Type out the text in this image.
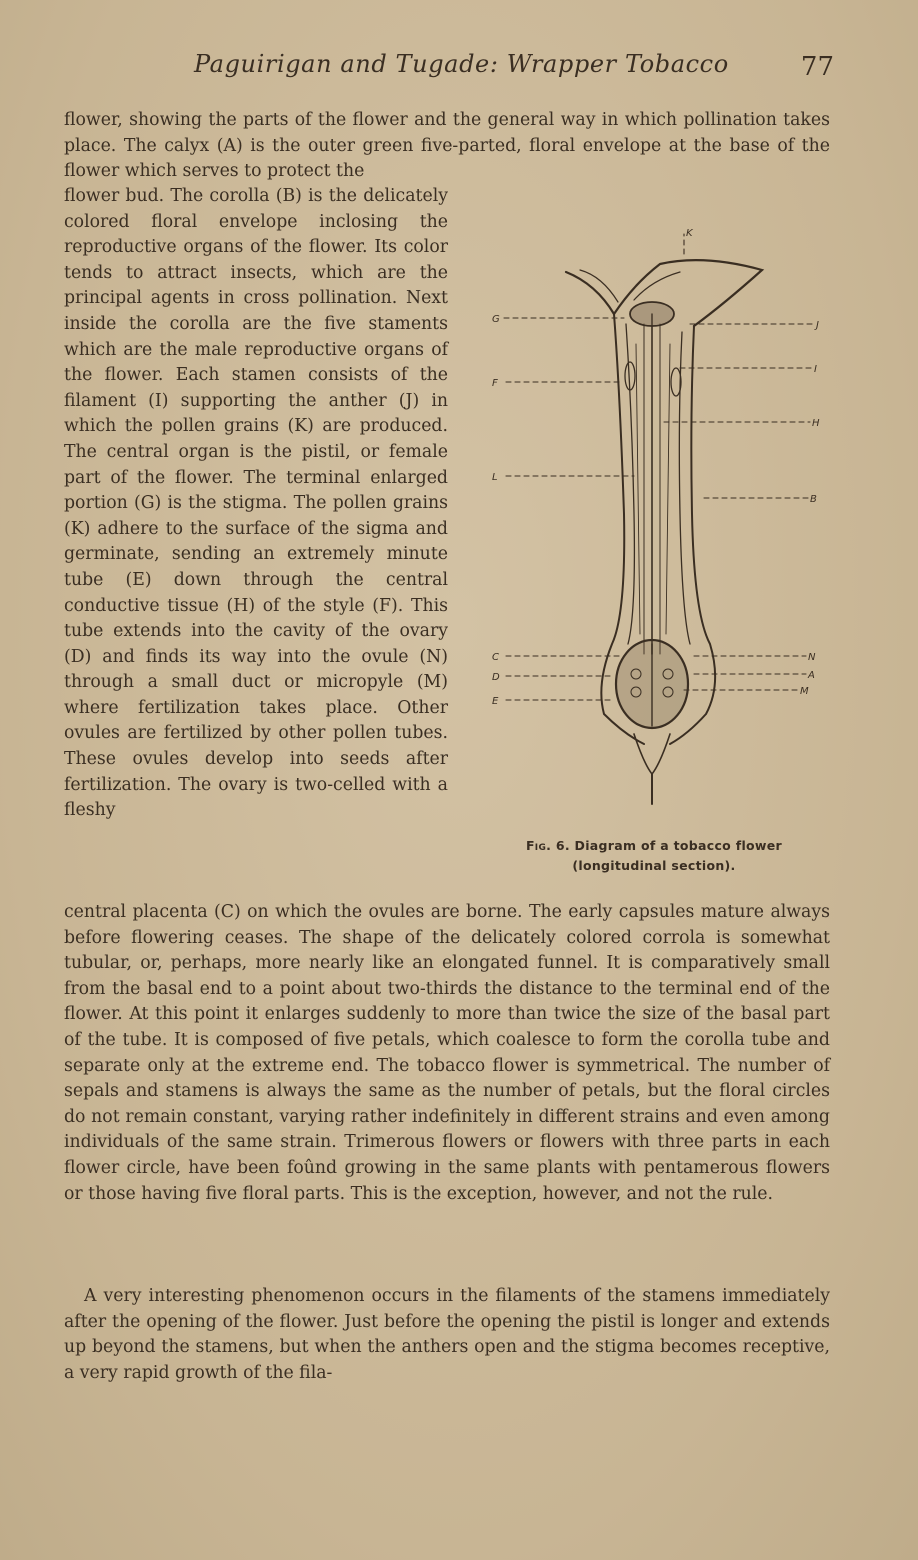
Paguirigan and Tugade: Wrapper Tobacco	77
flower, showing the parts of the flower and the general way in which pollination takes place. The calyx (A) is the outer green five-parted, floral envelope at the base of the flower which serves to protect the
flower bud. The corolla (B) is the delicately colored floral envelope inclosing the reproductive organs of the flower. Its color tends to attract insects, which are the principal agents in cross pollination. Next inside the corolla are the five staments which are the male reproductive organs of the flower. Each stamen consists of the filament (I) supporting the anther (J) in which the pollen grains (K) are produced. The central organ is the pistil, or female part of the flower. The terminal enlarged portion (G) is the stigma. The pollen grains (K) adhere to the surface of the sigma and germinate, sending an extremely minute tube (E) down through the central conductive tissue (H) of the style (F). This tube extends into the cavity of the ovary (D) and finds its way into the ovule (N) through a small duct or micropyle (M) where fertilization takes place. Other ovules are fertilized by other pollen tubes. These ovules develop into seeds after fertilization. The ovary is two-celled with a fleshy
central placenta (C) on which the ovules are borne. The early capsules mature always before flowering ceases. The shape of the delicately colored corrola is somewhat tubular, or, perhaps, more nearly like an elongated funnel. It is comparatively small from the basal end to a point about two-thirds the distance to the terminal end of the flower. At this point it enlarges suddenly to more than twice the size of the basal part of the tube. It is composed of five petals, which coalesce to form the corolla tube and separate only at the extreme end. The tobacco flower is symmetrical. The number of sepals and stamens is always the same as the number of petals, but the floral circles do not remain constant, varying rather indefinitely in different strains and even among individuals of the same strain. Trimerous flowers or flowers with three parts in each flower circle, have been foûnd growing in the same plants with pentamerous flowers or those having five floral parts. This is the exception, however, and not the rule.
A very interesting phenomenon occurs in the filaments of the stamens immediately after the opening of the flower. Just before the opening the pistil is longer and extends up beyond the stamens, but when the anthers open and the stigma becomes receptive, a very rapid growth of the fila-
K
G
J
F
I
H
L
B
C	N
D	A
E
M
Fig. 6. Diagram of a tobacco flower (longitudinal section).
